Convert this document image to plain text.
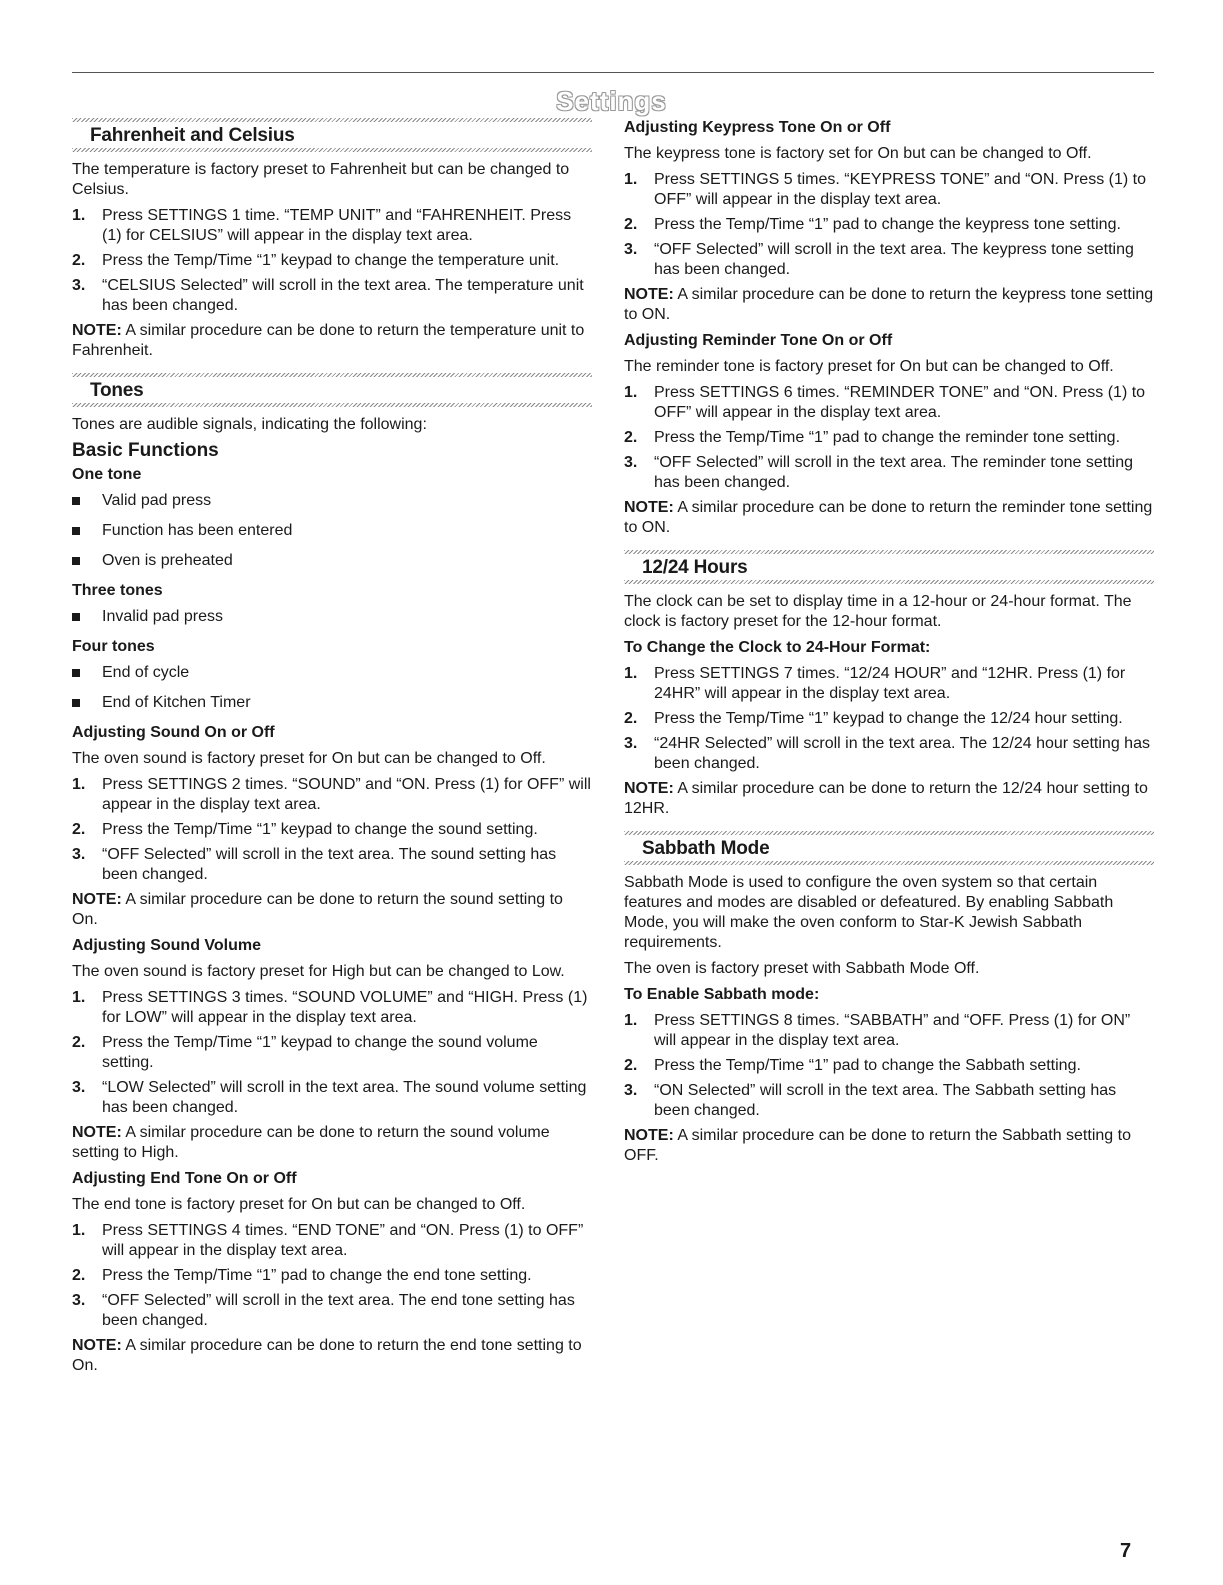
Settings
Fahrenheit and Celsius

The temperature is factory preset to Fahrenheit but can be changed to Celsius.

1. Press SETTINGS 1 time. “TEMP UNIT” and “FAHRENHEIT. Press (1) for CELSIUS” will appear in the display text area.
2. Press the Temp/Time “1” keypad to change the temperature unit.
3. “CELSIUS Selected” will scroll in the text area. The temperature unit has been changed.

NOTE: A similar procedure can be done to return the temperature unit to Fahrenheit.

Tones

Tones are audible signals, indicating the following:

Basic Functions
One tone
Valid pad press
Function has been entered
Oven is preheated
Three tones
Invalid pad press
Four tones
End of cycle
End of Kitchen Timer
Adjusting Sound On or Off

The oven sound is factory preset for On but can be changed to Off.

1. Press SETTINGS 2 times. “SOUND” and “ON. Press (1) for OFF” will appear in the display text area.
2. Press the Temp/Time “1” keypad to change the sound setting.
3. “OFF Selected” will scroll in the text area. The sound setting has been changed.

NOTE: A similar procedure can be done to return the sound setting to On.

Adjusting Sound Volume

The oven sound is factory preset for High but can be changed to Low.

1. Press SETTINGS 3 times. “SOUND VOLUME” and “HIGH. Press (1) for LOW” will appear in the display text area.
2. Press the Temp/Time “1” keypad to change the sound volume setting.
3. “LOW Selected” will scroll in the text area. The sound volume setting has been changed.

NOTE: A similar procedure can be done to return the sound volume setting to High.

Adjusting End Tone On or Off

The end tone is factory preset for On but can be changed to Off.

1. Press SETTINGS 4 times. “END TONE” and “ON. Press (1) to OFF” will appear in the display text area.
2. Press the Temp/Time “1” pad to change the end tone setting.
3. “OFF Selected” will scroll in the text area. The end tone setting has been changed.

NOTE: A similar procedure can be done to return the end tone setting to On.

Adjusting Keypress Tone On or Off

The keypress tone is factory set for On but can be changed to Off.

1. Press SETTINGS 5 times. “KEYPRESS TONE” and “ON. Press (1) to OFF” will appear in the display text area.
2. Press the Temp/Time “1” pad to change the keypress tone setting.
3. “OFF Selected” will scroll in the text area. The keypress tone setting has been changed.

NOTE: A similar procedure can be done to return the keypress tone setting to ON.

Adjusting Reminder Tone On or Off

The reminder tone is factory preset for On but can be changed to Off.

1. Press SETTINGS 6 times. “REMINDER TONE” and “ON. Press (1) to OFF” will appear in the display text area.
2. Press the Temp/Time “1” pad to change the reminder tone setting.
3. “OFF Selected” will scroll in the text area. The reminder tone setting has been changed.

NOTE: A similar procedure can be done to return the reminder tone setting to ON.

12/24 Hours

The clock can be set to display time in a 12-hour or 24-hour format. The clock is factory preset for the 12-hour format.

To Change the Clock to 24-Hour Format:
1. Press SETTINGS 7 times. “12/24 HOUR” and “12HR. Press (1) for 24HR” will appear in the display text area.
2. Press the Temp/Time “1” keypad to change the 12/24 hour setting.
3. “24HR Selected” will scroll in the text area. The 12/24 hour setting has been changed.

NOTE: A similar procedure can be done to return the 12/24 hour setting to 12HR.

Sabbath Mode

Sabbath Mode is used to configure the oven system so that certain features and modes are disabled or defeatured. By enabling Sabbath Mode, you will make the oven conform to Star-K Jewish Sabbath requirements.

The oven is factory preset with Sabbath Mode Off.

To Enable Sabbath mode:
1. Press SETTINGS 8 times. “SABBATH” and “OFF. Press (1) for ON” will appear in the display text area.
2. Press the Temp/Time “1” pad to change the Sabbath setting.
3. “ON Selected” will scroll in the text area. The Sabbath setting has been changed.

NOTE: A similar procedure can be done to return the Sabbath setting to OFF.

7
